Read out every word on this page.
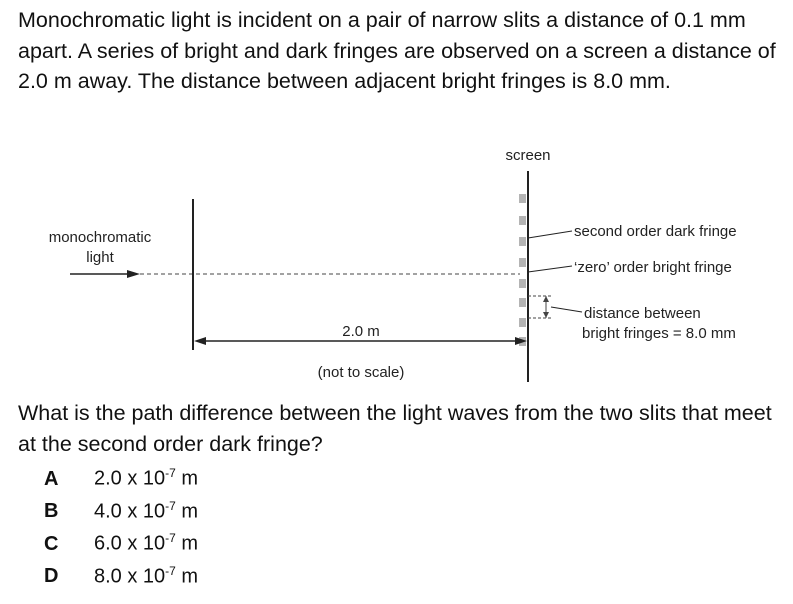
Monochromatic light is incident on a pair of narrow slits a distance of 0.1 mm apart. A series of bright and dark fringes are observed on a screen a distance of 2.0 m away. The distance between adjacent bright fringes is 8.0 mm.

screen
monochromatic
light
second order dark fringe
‘zero’ order bright fringe
distance between
bright fringes = 8.0 mm
2.0 m
(not to scale)

What is the path difference between the light waves from the two slits that meet at the second order dark fringe?

A	2.0 x $10^{-7}$ m
B	4.0 x $10^{-7}$ m
C	6.0 x $10^{-7}$ m
D	8.0 x $10^{-7}$ m
